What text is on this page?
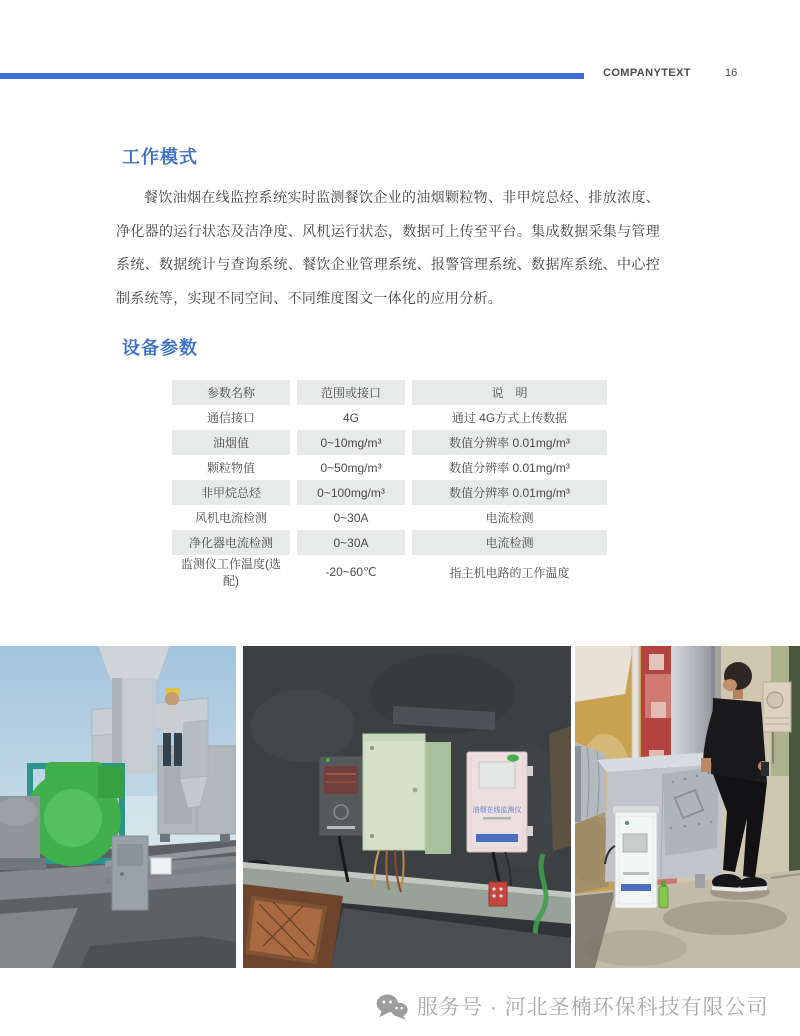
COMPANYTEXT	16
工作模式

餐饮油烟在线监控系统实时监测餐饮企业的油烟颗粒物、非甲烷总烃、排放浓度、净化器的运行状态及洁净度、风机运行状态，数据可上传至平台。集成数据采集与管理系统、数据统计与查询系统、餐饮企业管理系统、报警管理系统、数据库系统、中心控制系统等，实现不同空间、不同维度图文一体化的应用分析。

设备参数
参数名称	范围或接口	说　明
通信接口	4G	通过 4G方式上传数据
油烟值	0~10mg/m³	数值分辨率 0.01mg/m³
颗粒物值	0~50mg/m³	数值分辨率 0.01mg/m³
非甲烷总烃	0~100mg/m³	数值分辨率 0.01mg/m³
风机电流检测	0~30A	电流检测
净化器电流检测	0~30A	电流检测
监测仪工作温度(选配)	-20~60℃	指主机电路的工作温度
油烟在线监测仪
服务号 · 河北圣楠环保科技有限公司
